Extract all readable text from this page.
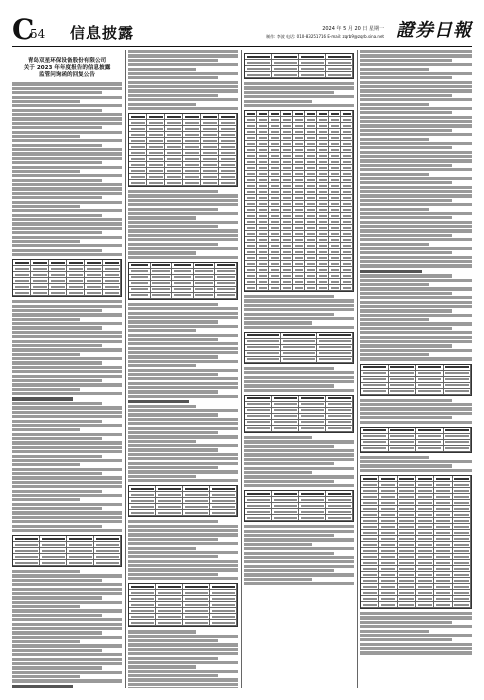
C
54 信息披露	2024 年 5 月 20 日 星期一
制作: 李波 电话: 010-83251716 E-mail: zqrb9@zqrb.sina.net 證券日報
青岛双星环保设备股份有限公司
关于 2023 年年度报告的信息披露
监管问询函的回复公告
